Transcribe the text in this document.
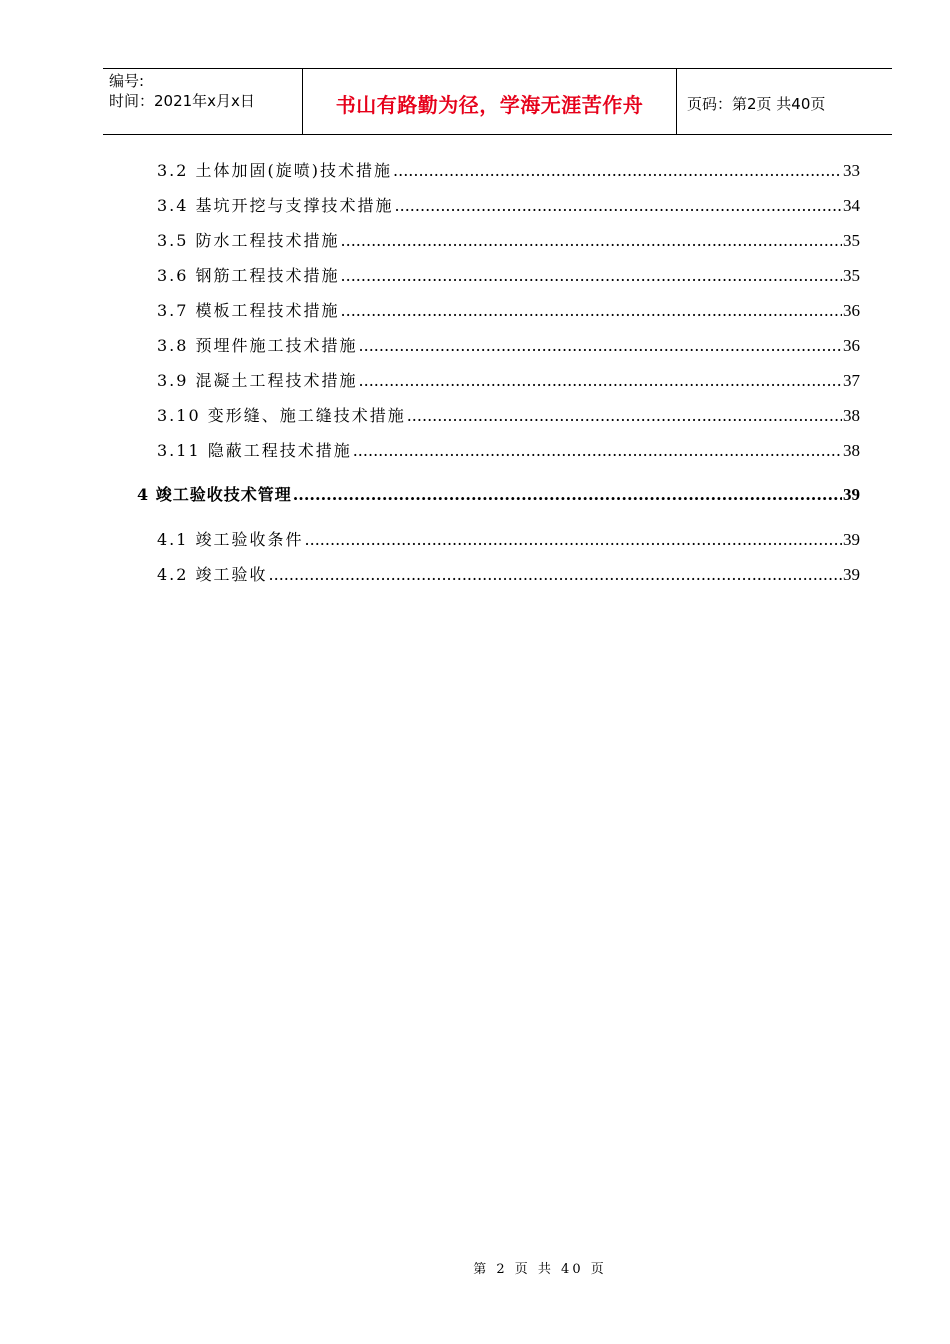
编号:
时间：2021年x月x日	书山有路勤为径，学海无涯苦作舟	页码：第2页 共40页
3.2 土体加固(旋喷)技术措施 .....	33
3.4 基坑开挖与支撑技术措施 .....	34
3.5 防水工程技术措施 .....	35
3.6 钢筋工程技术措施 .....	35
3.7 模板工程技术措施 .....	36
3.8 预埋件施工技术措施 .....	36
3.9 混凝土工程技术措施 .....	37
3.10 变形缝、施工缝技术措施 .....	38
3.11 隐蔽工程技术措施 .....	38
4 竣工验收技术管理 .....	39
4.1 竣工验收条件 .....	39
4.2 竣工验收 .....	39
第 2 页 共 40 页
